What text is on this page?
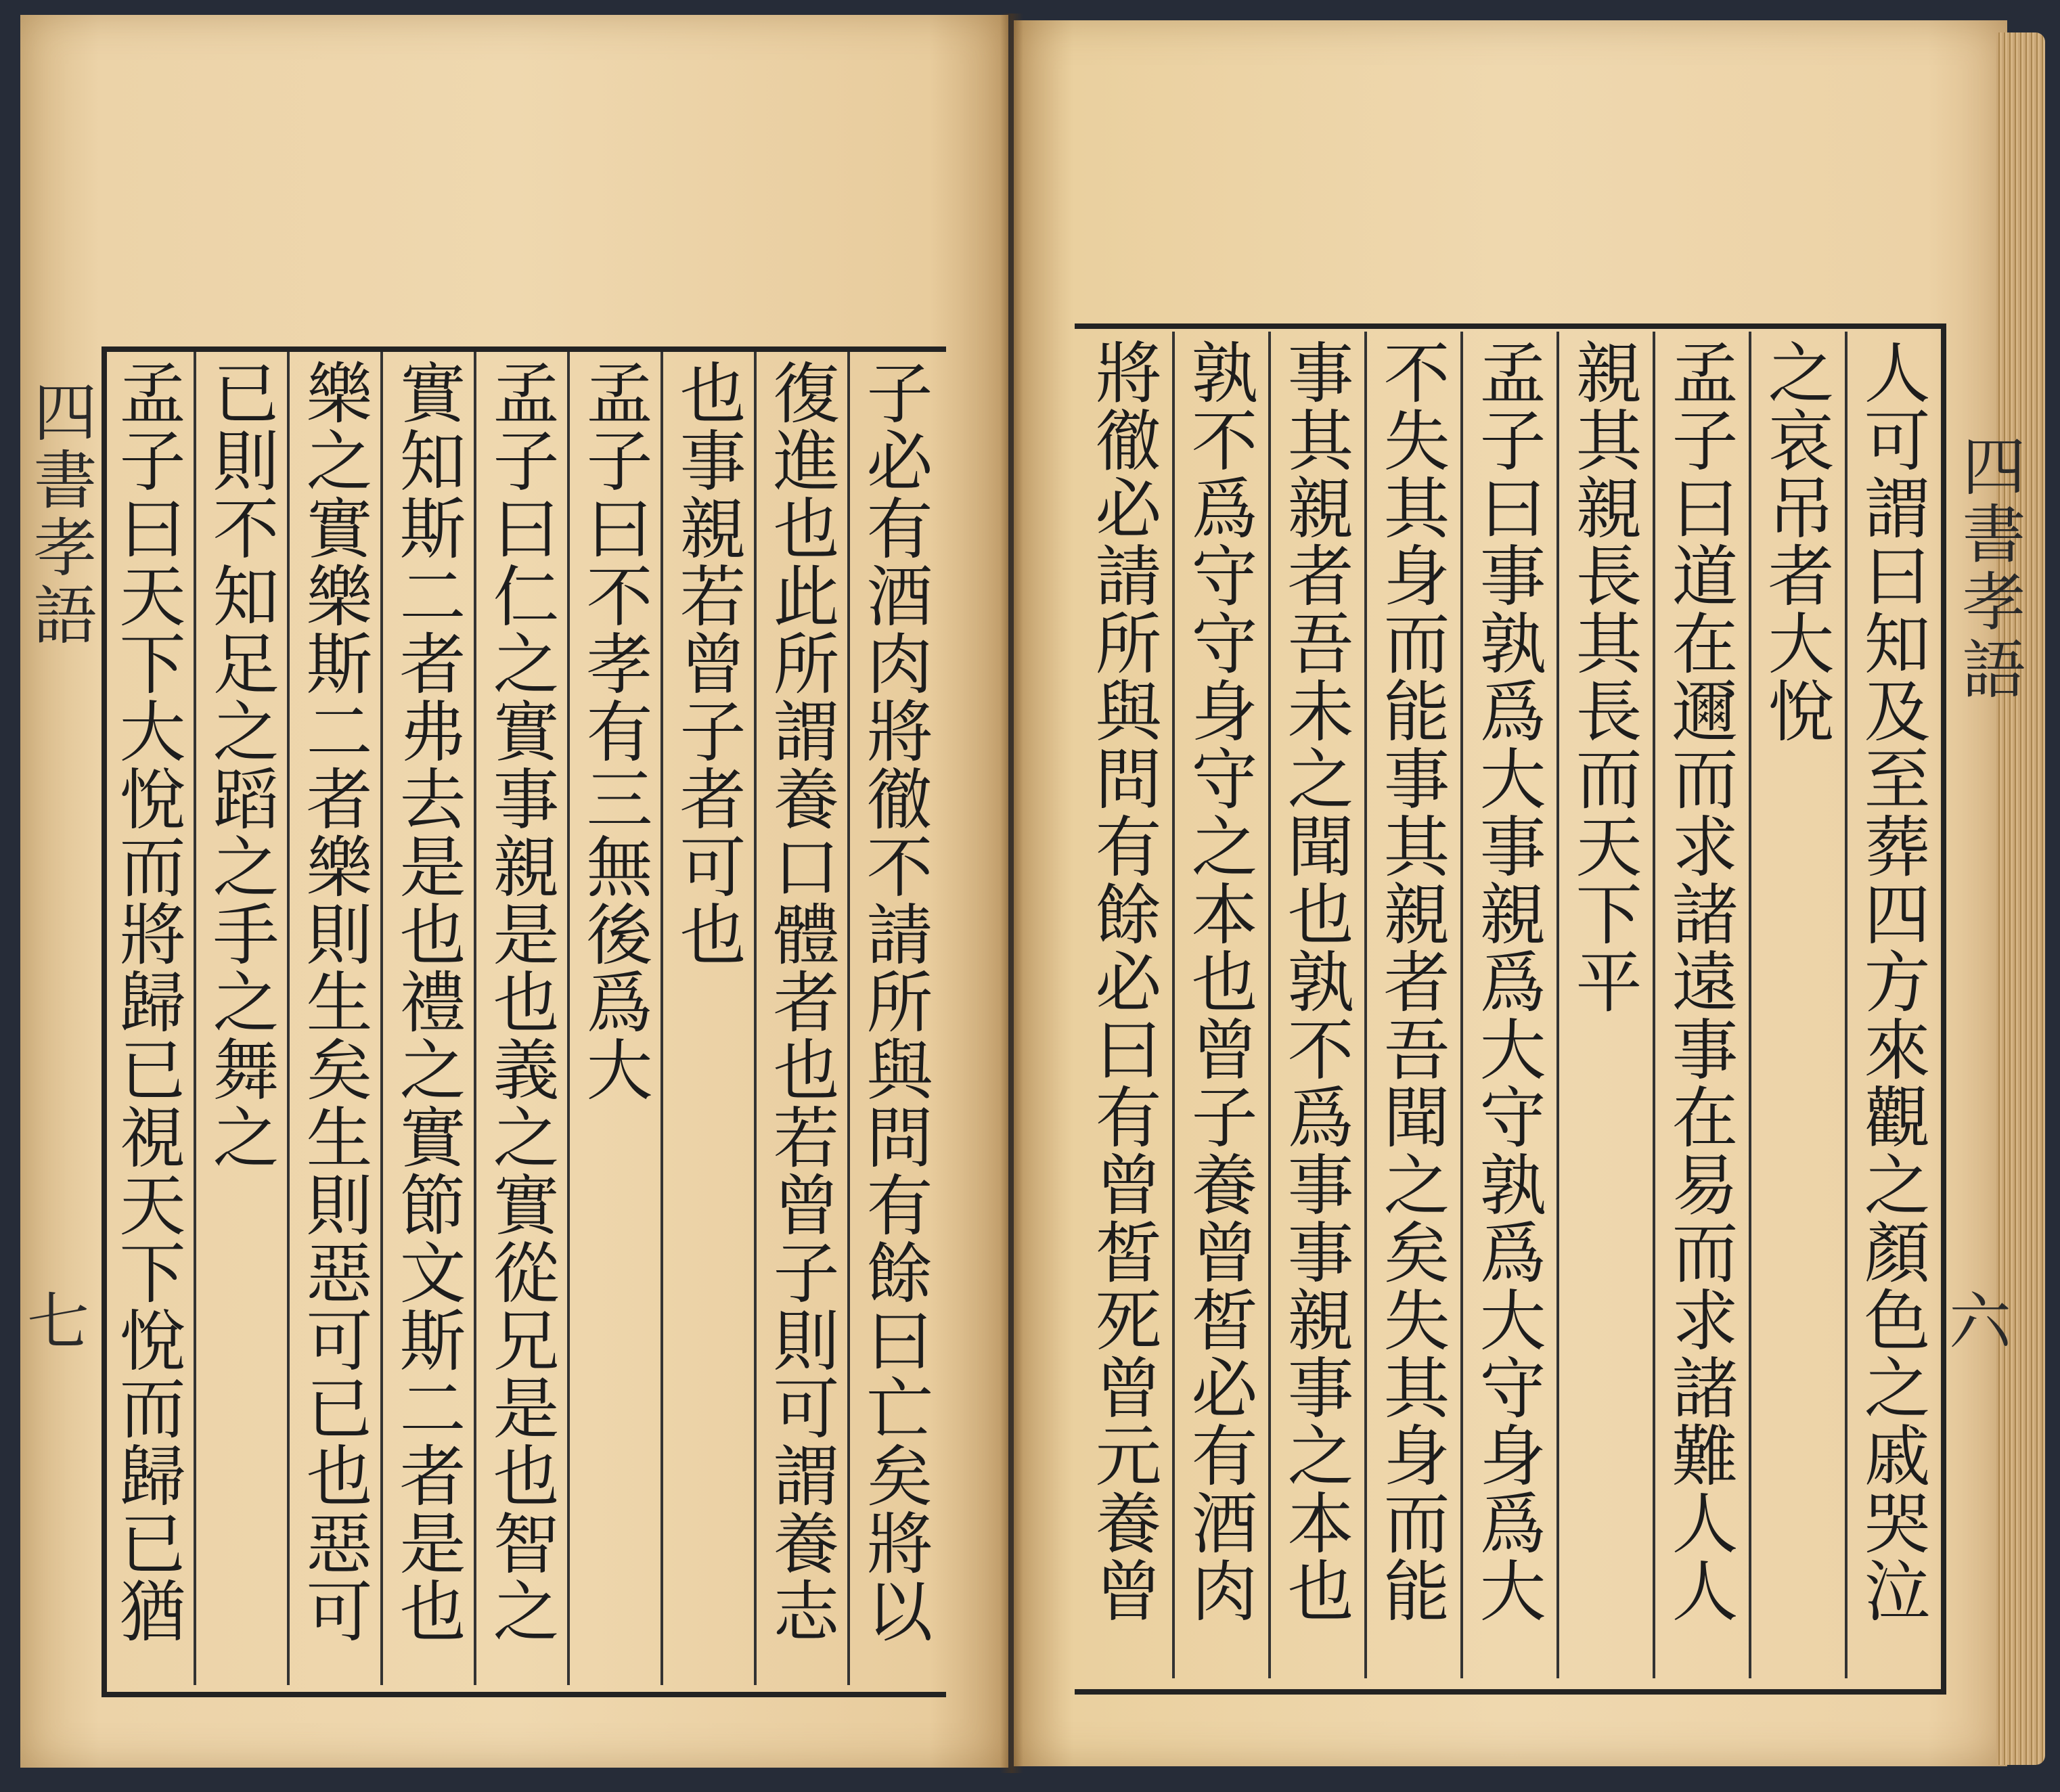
四書孝語
六
四書孝語
七	人可謂曰知及至葬四方來觀之顏色之戚哭泣
之哀吊者大悅
孟子曰道在邇而求諸遠事在易而求諸難人人
親其親長其長而天下平
孟子曰事孰爲大事親爲大守孰爲大守身爲大
不失其身而能事其親者吾聞之矣失其身而能
事其親者吾未之聞也孰不爲事事親事之本也
孰不爲守守身守之本也曾子養曾皙必有酒肉
將徹必請所與問有餘必曰有曾皙死曾元養曾
子必有酒肉將徹不請所與問有餘曰亡矣將以
復進也此所謂養口體者也若曾子則可謂養志
也事親若曾子者可也
孟子曰不孝有三無後爲大
孟子曰仁之實事親是也義之實從兄是也智之
實知斯二者弗去是也禮之實節文斯二者是也
樂之實樂斯二者樂則生矣生則惡可已也惡可
已則不知足之蹈之手之舞之
孟子曰天下大悅而將歸已視天下悅而歸已猶
